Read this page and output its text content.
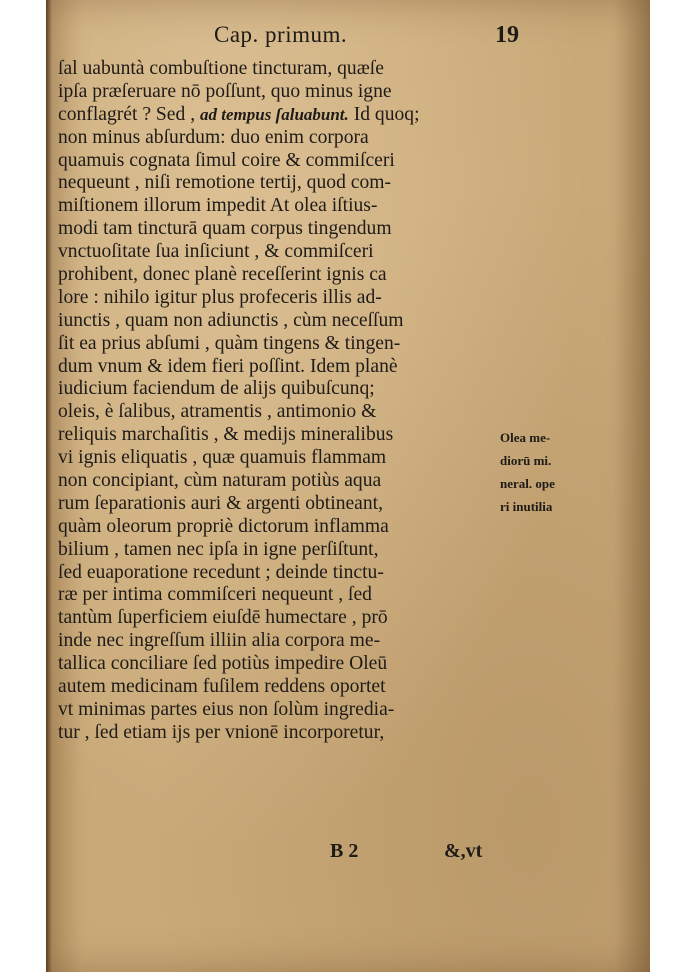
Cap. primum.	19
ſal uabuntà combuſtione tincturam, quæſe
ipſa præſeruare nō poſſunt, quo minus igne
conflagrét ? Sed , ad tempus ſaluabunt. Id quoq;
non minus abſurdum: duo enim corpora
quamuis cognata ſimul coire & commiſceri
nequeunt , niſi remotione tertij, quod com-
miſtionem illorum impedit At olea iſtius-
modi tam tincturā quam corpus tingendum
vnctuoſitate ſua inſiciunt , & commiſceri
prohibent, donec planè receſſerint ignis ca
lore : nihilo igitur plus profeceris illis ad-
iunctis , quam non adiunctis , cùm neceſſum
ſit ea prius abſumi , quàm tingens & tingen-
dum vnum & idem fieri poſſint. Idem planè
iudicium faciendum de alijs quibuſcunq;
oleis, è ſalibus, atramentis , antimonio &
reliquis marchaſitis , & medijs mineralibus
vi ignis eliquatis , quæ quamuis flammam
non concipiant, cùm naturam potiùs aqua
rum ſeparationis auri & argenti obtineant,
quàm oleorum propriè dictorum inflamma
bilium , tamen nec ipſa in igne perſiſtunt,
ſed euaporatione recedunt ; deinde tinctu-
ræ per intima commiſceri nequeunt , ſed
tantùm ſuperficiem eiuſdē humectare , prō
inde nec ingreſſum illiin alia corpora me-
tallica conciliare ſed potiùs impedire Oleū
autem medicinam fuſilem reddens oportet
vt minimas partes eius non ſolùm ingredia-
tur , ſed etiam ijs per vnionē incorporetur,
Olea me-
diorū mi.
neral. ope
ri inutilia
B 2	&,vt
